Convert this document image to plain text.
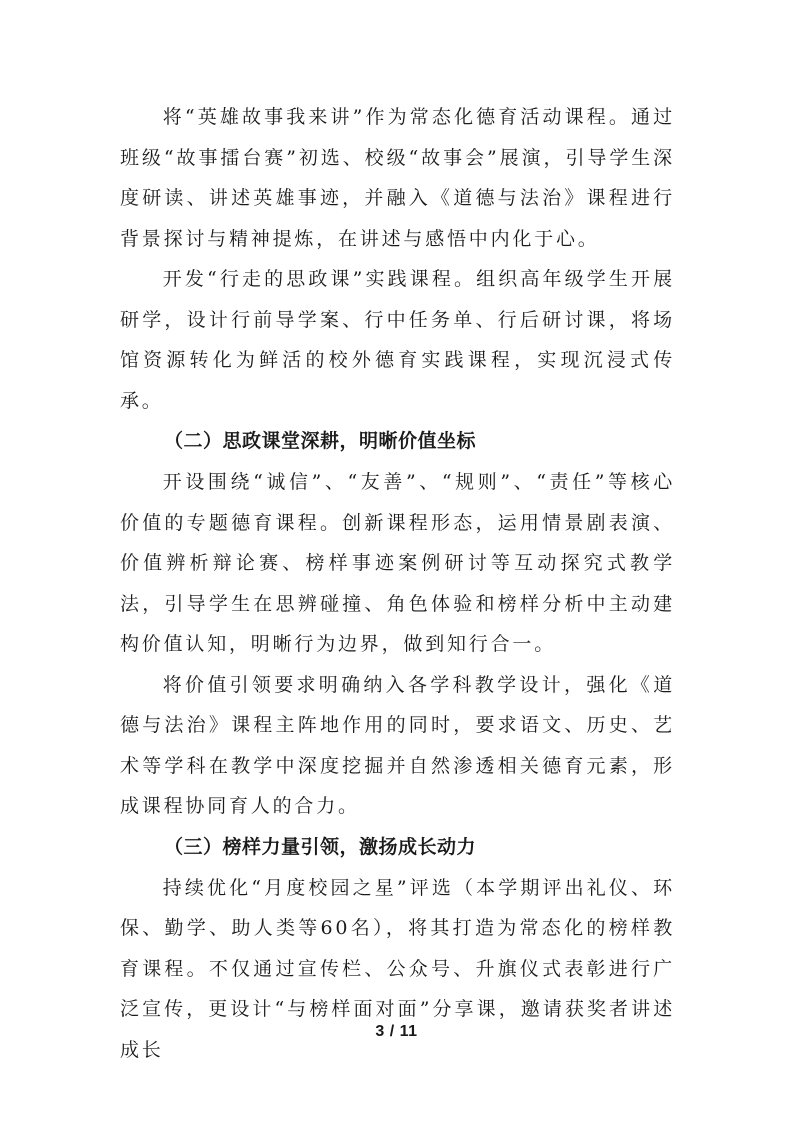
将“英雄故事我来讲”作为常态化德育活动课程。通过班级“故事擂台赛”初选、校级“故事会”展演，引导学生深度研读、讲述英雄事迹，并融入《道德与法治》课程进行背景探讨与精神提炼，在讲述与感悟中内化于心。

开发“行走的思政课”实践课程。组织高年级学生开展研学，设计行前导学案、行中任务单、行后研讨课，将场馆资源转化为鲜活的校外德育实践课程，实现沉浸式传承。

（二）思政课堂深耕，明晰价值坐标

开设围绕“诚信”、“友善”、“规则”、“责任”等核心价值的专题德育课程。创新课程形态，运用情景剧表演、价值辨析辩论赛、榜样事迹案例研讨等互动探究式教学法，引导学生在思辨碰撞、角色体验和榜样分析中主动建构价值认知，明晰行为边界，做到知行合一。

将价值引领要求明确纳入各学科教学设计，强化《道德与法治》课程主阵地作用的同时，要求语文、历史、艺术等学科在教学中深度挖掘并自然渗透相关德育元素，形成课程协同育人的合力。

（三）榜样力量引领，激扬成长动力

持续优化“月度校园之星”评选（本学期评出礼仪、环保、勤学、助人类等60名），将其打造为常态化的榜样教育课程。不仅通过宣传栏、公众号、升旗仪式表彰进行广泛宣传，更设计“与榜样面对面”分享课，邀请获奖者讲述成长

3 / 11
